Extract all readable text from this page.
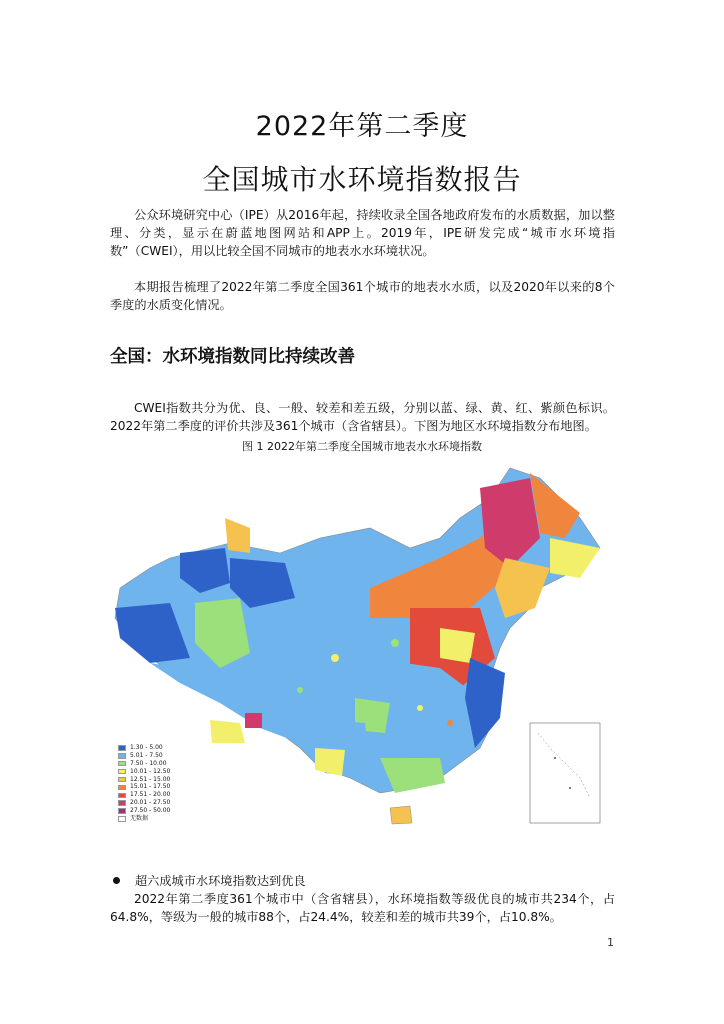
2022年第二季度
全国城市水环境指数报告

公众环境研究中心（IPE）从2016年起，持续收录全国各地政府发布的水质数据，加以整理、分类，显示在蔚蓝地图网站和APP上。2019年，IPE研发完成“城市水环境指数”（CWEI），用以比较全国不同城市的地表水水环境状况。

本期报告梳理了2022年第二季度全国361个城市的地表水水质，以及2020年以来的8个季度的水质变化情况。

全国：水环境指数同比持续改善

CWEI指数共分为优、良、一般、较差和差五级，分别以蓝、绿、黄、红、紫颜色标识。2022年第二季度的评价共涉及361个城市（含省辖县）。下图为地区水环境指数分布地图。

图 1 2022年第二季度全国城市地表水水环境指数
1.30 - 5.00
5.01 - 7.50
7.50 - 10.00
10.01 - 12.50
12.51 - 15.00
15.01 - 17.50
17.51 - 20.00
20.01 - 27.50
27.50 - 50.00
无数据
超六成城市水环境指数达到优良

2022年第二季度361个城市中（含省辖县），水环境指数等级优良的城市共234个，占64.8%，等级为一般的城市88个，占24.4%，较差和差的城市共39个，占10.8%。

1
